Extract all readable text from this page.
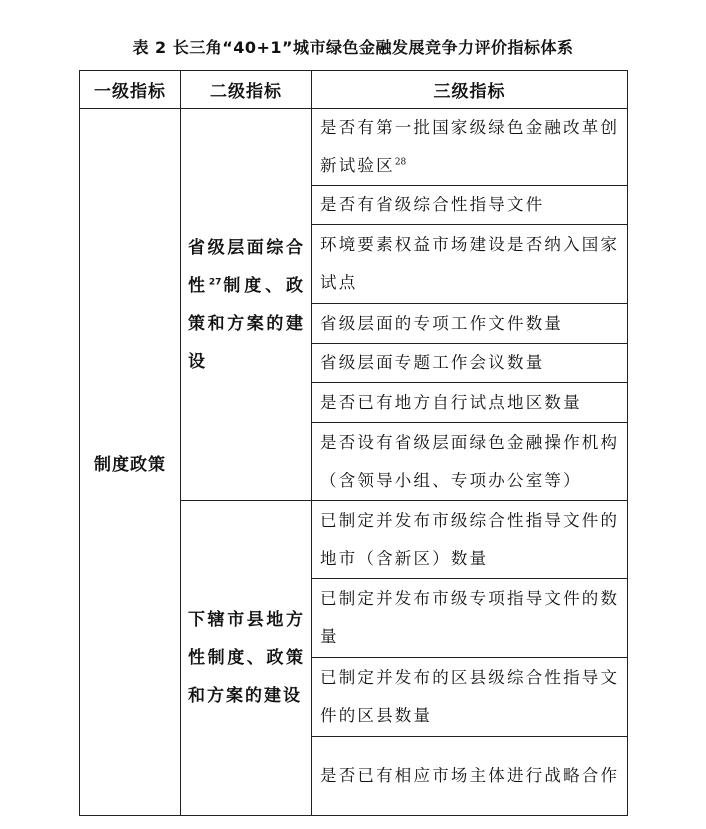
表 2 长三角“40+1”城市绿色金融发展竞争力评价指标体系
一级指标	二级指标	三级指标
制度政策	省级层面综合性$^{27}$制度、政策和方案的建设	是否有第一批国家级绿色金融改革创新试验区$^{28}$
		是否有省级综合性指导文件
		环境要素权益市场建设是否纳入国家试点
		省级层面的专项工作文件数量
		省级层面专题工作会议数量
		是否已有地方自行试点地区数量
		是否设有省级层面绿色金融操作机构（含领导小组、专项办公室等）
	下辖市县地方性制度、政策和方案的建设	已制定并发布市级综合性指导文件的地市（含新区）数量
		已制定并发布市级专项指导文件的数量
		已制定并发布的区县级综合性指导文件的区县数量
		是否已有相应市场主体进行战略合作
